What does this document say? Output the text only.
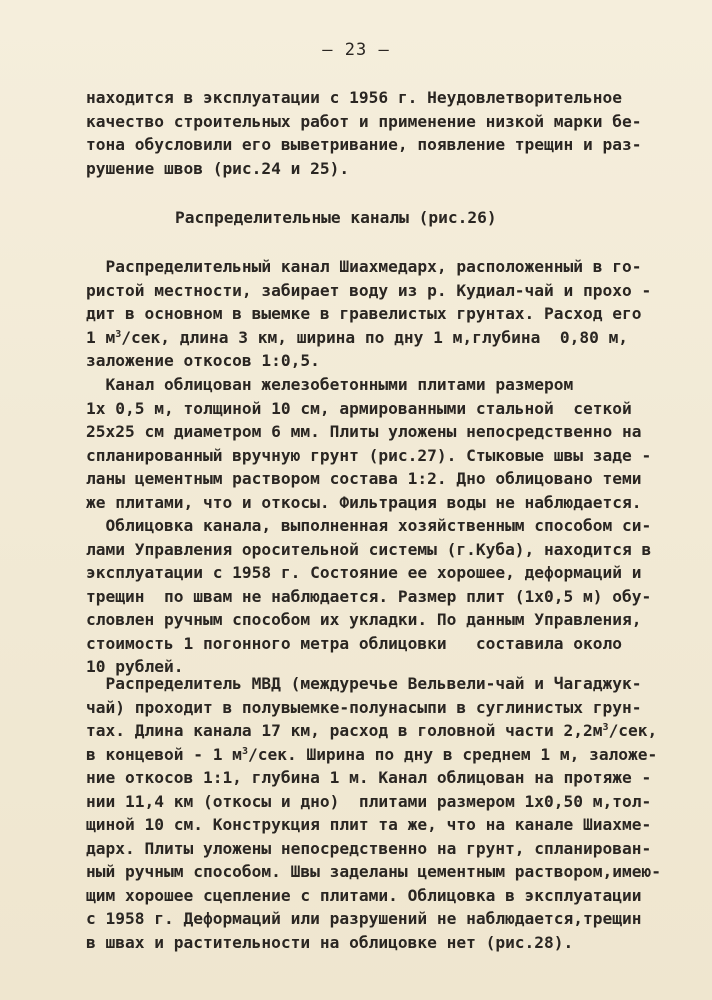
— 23 —
находится в эксплуатации с 1956 г. Неудовлетворительное
качество строительных работ и применение низкой марки бе-
тона обусловили его выветривание, появление трещин и раз-
рушение швов (рис.24 и 25).
Распределительные каналы (рис.26)
Распределительный канал Шиахмедарх, расположенный в го-
ристой местности, забирает воду из р. Кудиал-чай и прохо -
дит в основном в выемке в гравелистых грунтах. Расход его
1 $м^3$/сек, длина 3 км, ширина по дну 1 м,глубина  0,80 м,
заложение откосов 1:0,5.
Канал облицован железобетонными плитами размером
1х 0,5 м, толщиной 10 см, армированными стальной  сеткой
25х25 см диаметром 6 мм. Плиты уложены непосредственно на
спланированный вручную грунт (рис.27). Стыковые швы заде -
ланы цементным раствором состава 1:2. Дно облицовано теми
же плитами, что и откосы. Фильтрация воды не наблюдается.
Облицовка канала, выполненная хозяйственным способом си-
лами Управления оросительной системы (г.Куба), находится в
эксплуатации с 1958 г. Состояние ее хорошее, деформаций и
трещин  по швам не наблюдается. Размер плит (1х0,5 м) обу-
словлен ручным способом их укладки. По данным Управления,
стоимость 1 погонного метра облицовки   составила около
10 рублей.
Распределитель МВД (междуречье Вельвели-чай и Чагаджук-
чай) проходит в полувыемке-полунасыпи в суглинистых грун-
тах. Длина канала 17 км, расход в головной части $2,2м^3$/сек,
в концевой - 1 $м^3$/сек. Ширина по дну в среднем 1 м, заложе-
ние откосов 1:1, глубина 1 м. Канал облицован на протяже -
нии 11,4 км (откосы и дно)  плитами размером 1х0,50 м,тол-
щиной 10 см. Конструкция плит та же, что на канале Шиахме-
дарх. Плиты уложены непосредственно на грунт, спланирован-
ный ручным способом. Швы заделаны цементным раствором,имею-
щим хорошее сцепление с плитами. Облицовка в эксплуатации
с 1958 г. Деформаций или разрушений не наблюдается,трещин
в швах и растительности на облицовке нет (рис.28).
